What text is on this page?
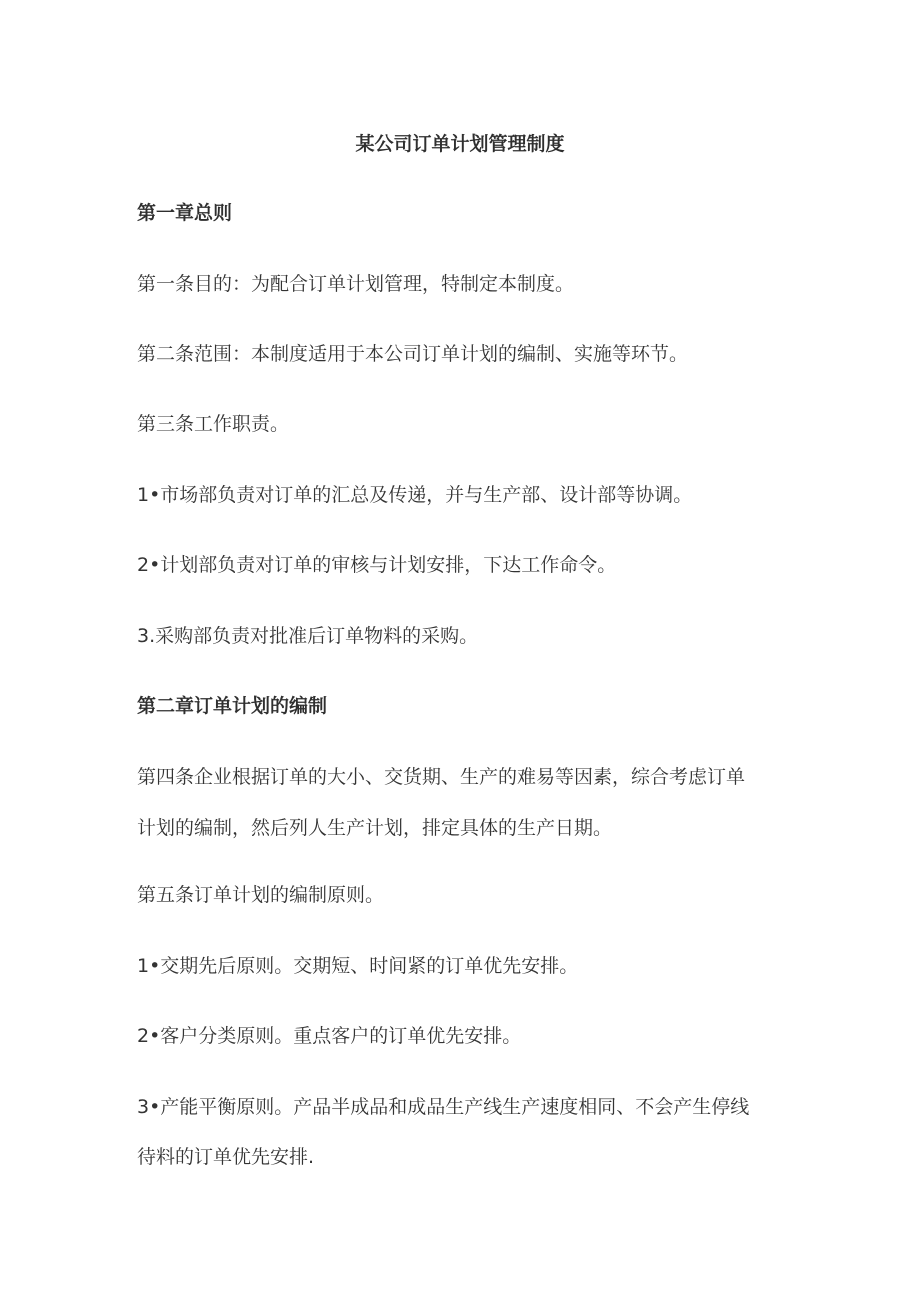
某公司订单计划管理制度
第一章总则
第一条目的：为配合订单计划管理，特制定本制度。
第二条范围：本制度适用于本公司订单计划的编制、实施等环节。
第三条工作职责。
1•市场部负责对订单的汇总及传递，并与生产部、设计部等协调。
2•计划部负责对订单的审核与计划安排，下达工作命令。
3.采购部负责对批准后订单物料的采购。
第二章订单计划的编制
第四条企业根据订单的大小、交货期、生产的难易等因素，综合考虑订单
计划的编制，然后列人生产计划，排定具体的生产日期。
第五条订单计划的编制原则。
1•交期先后原则。交期短、时间紧的订单优先安排。
2•客户分类原则。重点客户的订单优先安排。
3•产能平衡原则。产品半成品和成品生产线生产速度相同、不会产生停线
待料的订单优先安排.
